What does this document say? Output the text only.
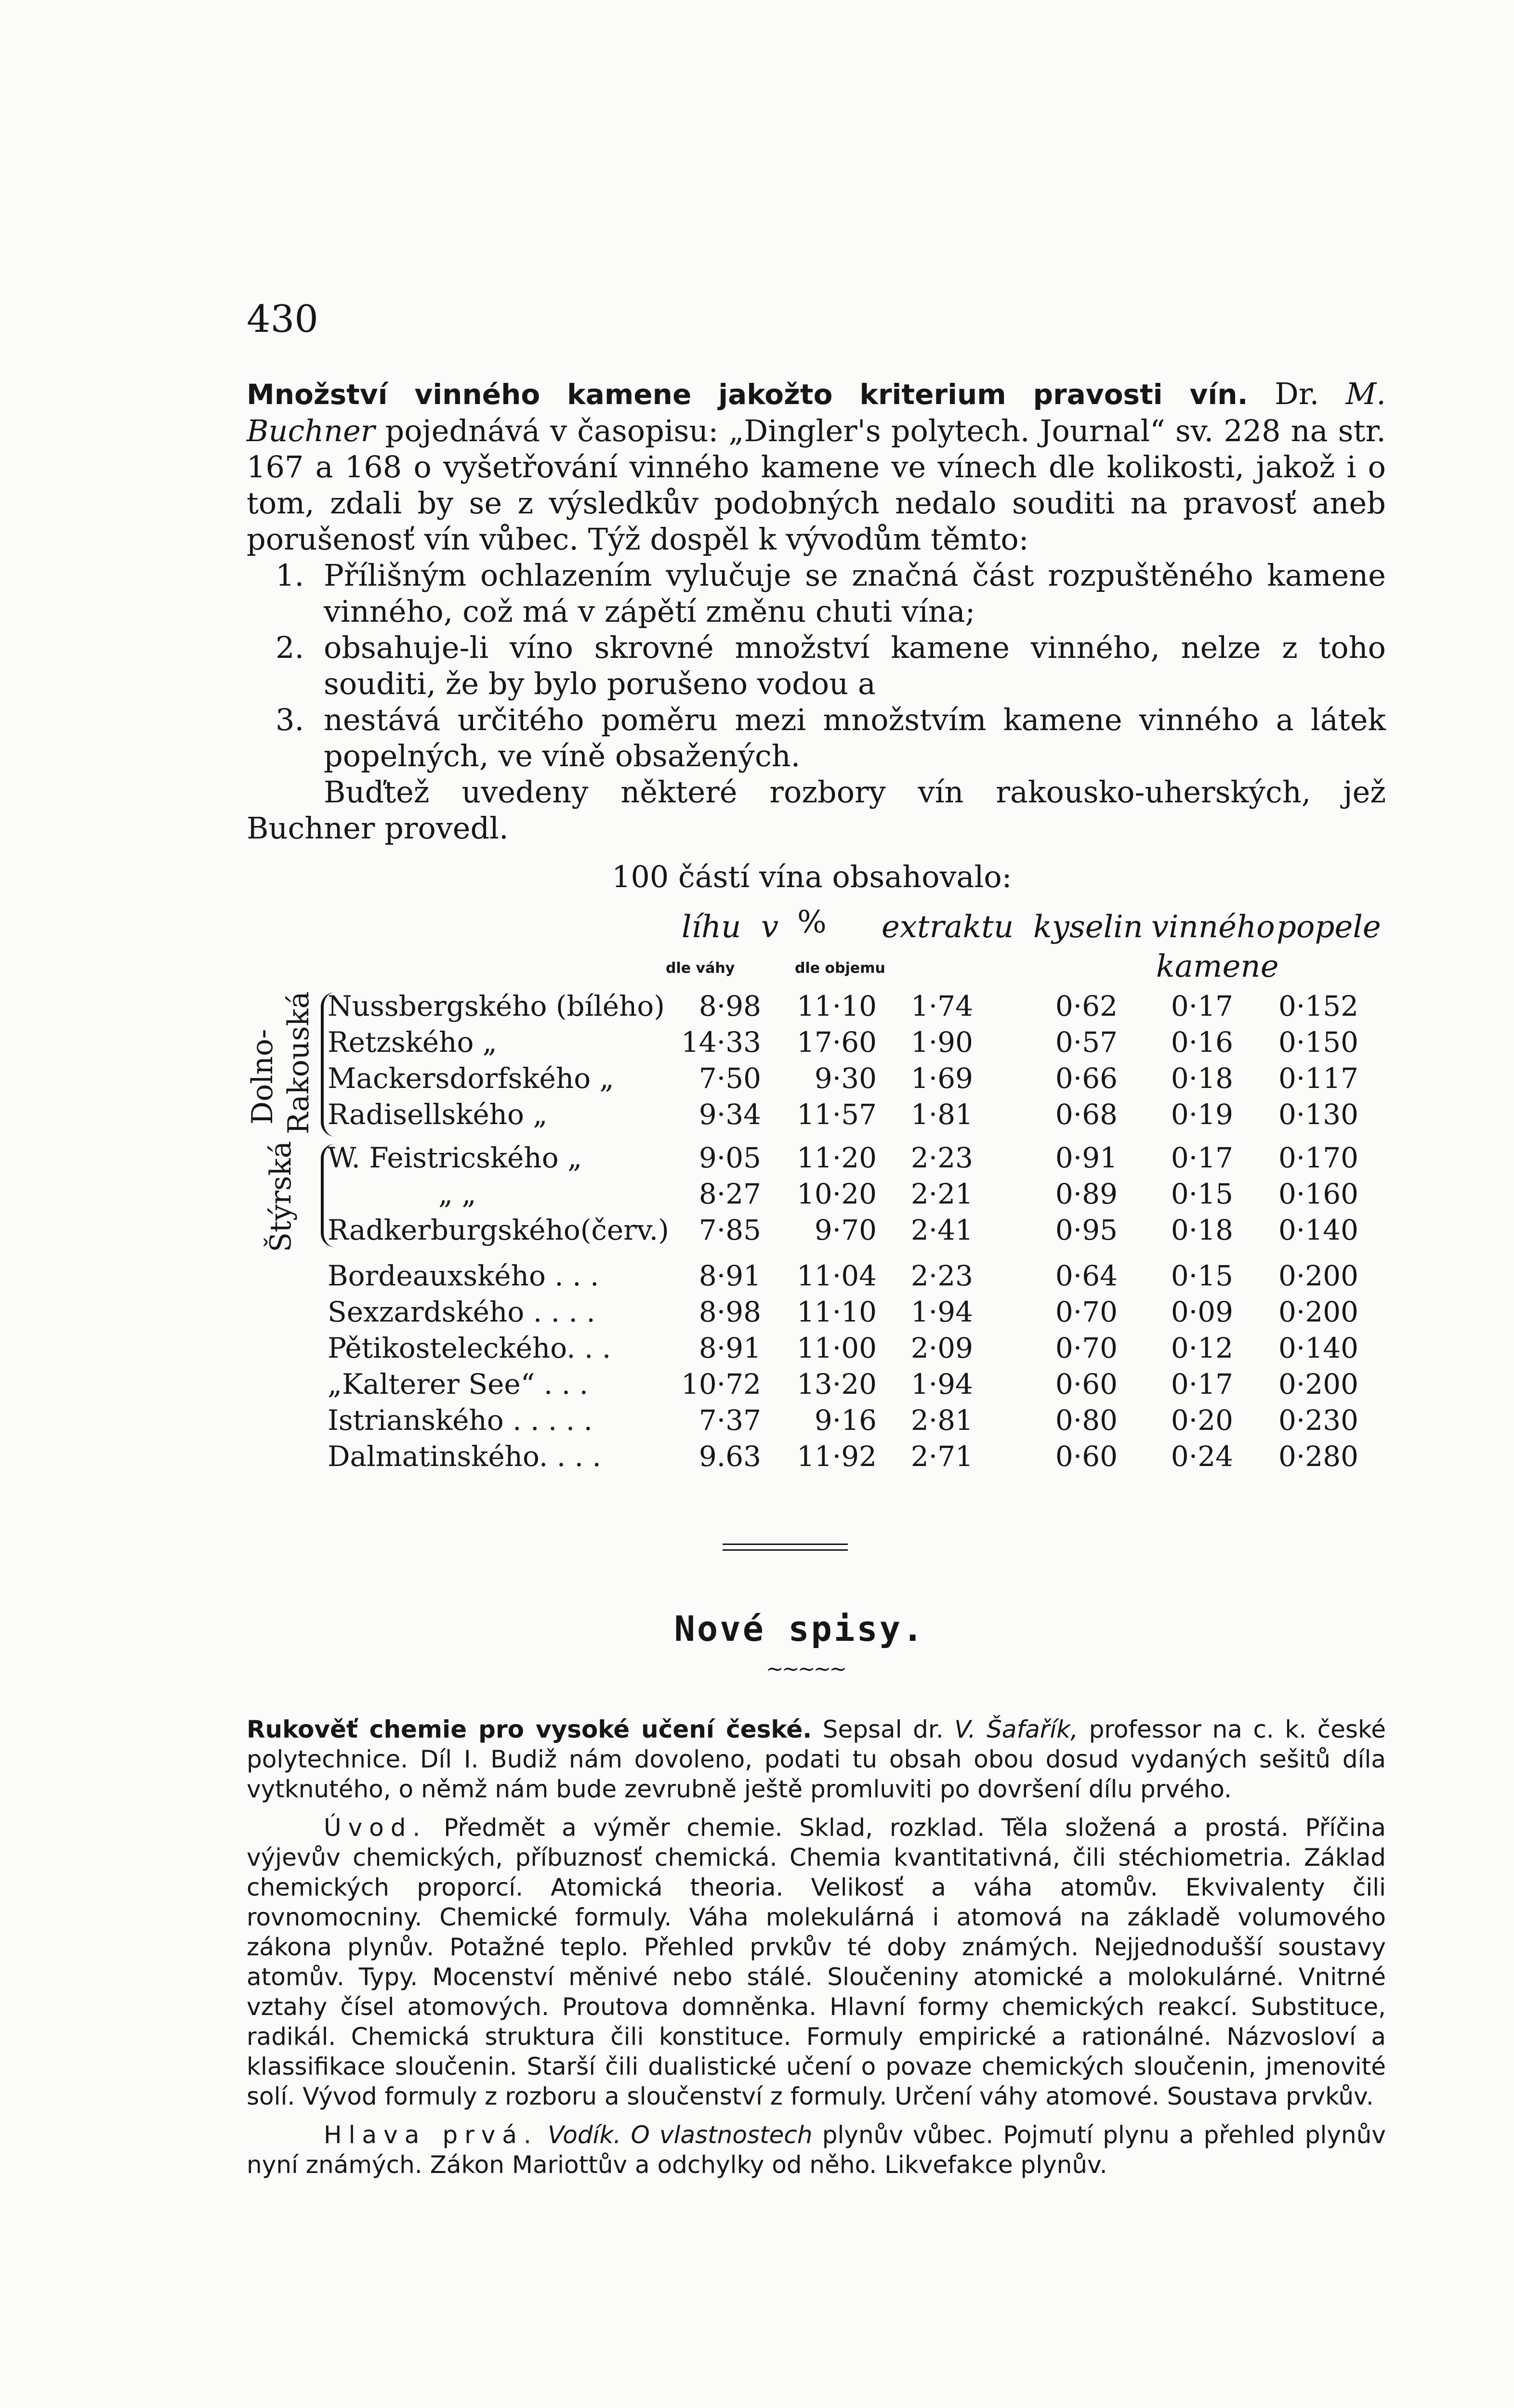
430
Množství vinného kamene jakožto kriterium pravosti vín. Dr. M. Buchner pojednává v časopisu: „Dingler's polytech. Journal“ sv. 228 na str. 167 a 168 o vyšetřování vinného kamene ve vínech dle kolikosti, jakož i o tom, zdali by se z výsledkův podobných nedalo souditi na pravosť aneb porušenosť vín vůbec. Týž dospěl k vývodům těmto:
1. Přílišným ochlazením vylučuje se značná část rozpuštěného kamene vinného, což má v zápětí změnu chuti vína;
2. obsahuje-li víno skrovné množství kamene vinného, nelze z toho souditi, že by bylo porušeno vodou a
3. nestává určitého poměru mezi množstvím kamene vinného a látek popelných, ve víně obsažených.
Buďtež uvedeny některé rozbory vín rakousko-uherských, jež Buchner provedl.
100 částí vína obsahovalo:
líhu v % extraktu kyselin vinného popele
kamene
dle váhy	dle objemu
Dolno- Rakouská
Štýrská
Nussbergského (bílého)	8·98	11·10	1·74	0·62	0·17	0·152
Retzského „	14·33	17·60	1·90	0·57	0·16	0·150
Mackersdorfského „	7·50	9·30	1·69	0·66	0·18	0·117
Radisellského „	9·34	11·57	1·81	0·68	0·19	0·130
W. Feistricského „	9·05	11·20	2·23	0·91	0·17	0·170
„ „	8·27	10·20	2·21	0·89	0·15	0·160
Radkerburgského(červ.)	7·85	9·70	2·41	0·95	0·18	0·140
Bordeauxského . . .	8·91	11·04	2·23	0·64	0·15	0·200
Sexzardského . . . .	8·98	11·10	1·94	0·70	0·09	0·200
Pětikosteleckého. . .	8·91	11·00	2·09	0·70	0·12	0·140
„Kalterer See“ . . .	10·72	13·20	1·94	0·60	0·17	0·200
Istrianského . . . . .	7·37	9·16	2·81	0·80	0·20	0·230
Dalmatinského. . . .	9.63	11·92	2·71	0·60	0·24	0·280
Nové spisy.
~~~~~

Rukověť chemie pro vysoké učení české. Sepsal dr. V. Šafařík, professor na c. k. české polytechnice. Díl I. Budiž nám dovoleno, podati tu obsah obou dosud vydaných sešitů díla vytknutého, o němž nám bude zevrubně ještě promluviti po dovršení dílu prvého.

Úvod. Předmět a výměr chemie. Sklad, rozklad. Těla složená a prostá. Příčina výjevův chemických, příbuznosť chemická. Chemia kvantitativná, čili stéchiometria. Základ chemických proporcí. Atomická theoria. Velikosť a váha atomův. Ekvivalenty čili rovnomocniny. Chemické formuly. Váha molekulárná i atomová na základě volumového zákona plynův. Potažné teplo. Přehled prvkův té doby známých. Nejjednodušší soustavy atomův. Typy. Mocenství měnivé nebo stálé. Sloučeniny atomické a molokulárné. Vnitrné vztahy čísel atomových. Proutova domněnka. Hlavní formy chemických reakcí. Substituce, radikál. Chemická struktura čili konstituce. Formuly empirické a rationálné. Názvosloví a klassifikace sloučenin. Starší čili dualistické učení o povaze chemických sloučenin, jmenovité solí. Vývod formuly z rozboru a sloučenství z formuly. Určení váhy atomové. Soustava prvkův.

Hlava prvá. Vodík. O vlastnostech plynův vůbec. Pojmutí plynu a přehled plynův nyní známých. Zákon Mariottův a odchylky od něho. Likvefakce plynův.
